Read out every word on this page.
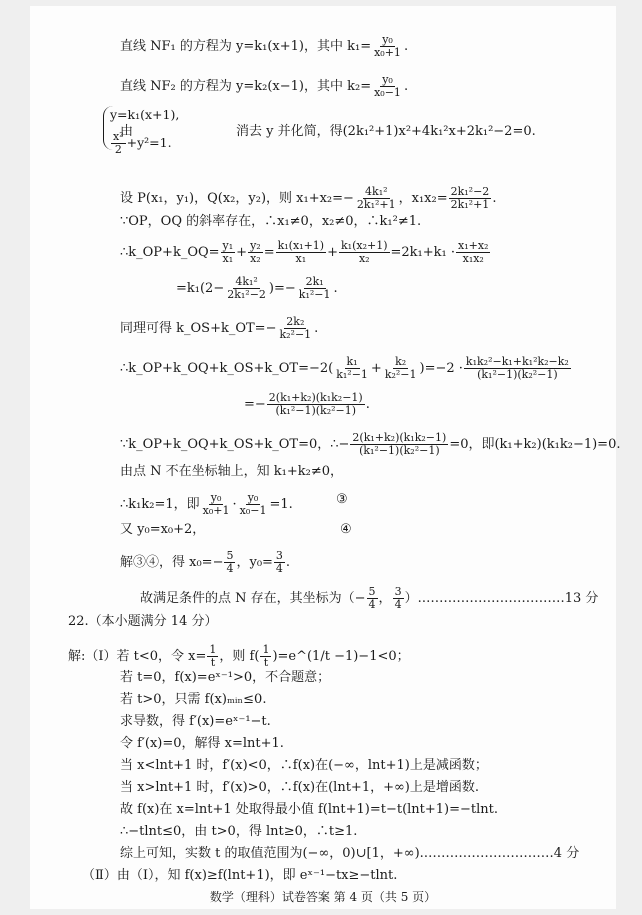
直线 NF₁ 的方程为 y=k₁(x+1)，其中 $k_1= \frac{\text{y₀}}{\text{x₀+1}}$ .
直线 NF₂ 的方程为 y=k₂(x−1)，其中 $k_2= \frac{\text{y₀}}{\text{x₀−1}}$ .
由
y=k₁(x+1),
$\frac{\text{x²}}{2} +y^2=1$.
消去 y 并化简，得(2k₁²+1)x²+4k₁²x+2k₁²−2=0.
设 P(x₁，y₁)，Q(x₂，y₂)，则 $x_1+x_2=- \frac{\text{4k₁²}}{\text{2k₁²+1}}$ ，$x_1x_2= \frac{\text{2k₁²−2}}{\text{2k₁²+1}}$ .
∵OP，OQ 的斜率存在，∴x₁≠0，x₂≠0，∴k₁²≠1.
∴k_OP+k_OQ= $\frac{\text{y₁}}{\text{x₁}} + \frac{\text{y₂}}{\text{x₂}} = \frac{\text{k₁(x₁+1)}}{\text{x₁}} + \frac{\text{k₁(x₂+1)}}{\text{x₂}} =2k_1+k_1 \cdot \frac{\text{x₁+x₂}}{\text{x₁x₂}}$
$=k_1(2- \frac{\text{4k₁²}}{\text{2k₁²−2}}$ )=− $\frac{\text{2k₁}}{\text{k₁²−1}}$ .
同理可得 k_OS+k_OT=− $\frac{\text{2k₂}}{\text{k₂²−1}}$ .
∴k_OP+k_OQ+k_OS+k_OT=−2( $\frac{\text{k₁}}{\text{k₁²−1}} + \frac{\text{k₂}}{\text{k₂²−1}} )=-2 \cdot \frac{\text{k₁k₂²−k₁+k₁²k₂−k₂}}{\text{(k₁²−1)(k₂²−1)}}$
=− $\frac{\text{2(k₁+k₂)(k₁k₂−1)}}{\text{(k₁²−1)(k₂²−1)}}$ .
∵k_OP+k_OQ+k_OS+k_OT=0，∴− $\frac{\text{2(k₁+k₂)(k₁k₂−1)}}{\text{(k₁²−1)(k₂²−1)}} =0$，即(k₁+k₂)(k₁k₂−1)=0.
由点 N 不在坐标轴上，知 k₁+k₂≠0，
∴k₁k₂=1，即 $\frac{\text{y₀}}{\text{x₀+1}} \cdot \frac{\text{y₀}}{\text{x₀−1}} =1$.	③
又 y₀=x₀+2，	④
解③④，得 $x_0=- \frac{5}{4}$ ，$y_0= \frac{3}{4}$ .
故满足条件的点 N 存在，其坐标为（− $\frac{5}{4}$ ， $\frac{3}{4}$ ）.……………………………13 分
22.（本小题满分 14 分）
解:（Ⅰ）若 t<0，令 $x= \frac{1}{t}$ ，则 $f( \frac{1}{t}$ )=e^(1/t −1)−1<0；
若 t=0，f(x)=eˣ⁻¹>0，不合题意；
若 t>0，只需 f(x)ₘᵢₙ≤0.
求导数，得 f′(x)=eˣ⁻¹−t.
令 f′(x)=0，解得 x=lnt+1.
当 x<lnt+1 时，f′(x)<0，∴f(x)在(−∞，lnt+1)上是减函数；
当 x>lnt+1 时，f′(x)>0，∴f(x)在(lnt+1，+∞)上是增函数.
故 f(x)在 x=lnt+1 处取得最小值 f(lnt+1)=t−t(lnt+1)=−tlnt.
∴−tlnt≤0，由 t>0，得 lnt≥0，∴t≥1.
综上可知，实数 t 的取值范围为(−∞，0)∪[1，+∞).…………………………4 分
（Ⅱ）由（Ⅰ），知 f(x)≥f(lnt+1)，即 eˣ⁻¹−tx≥−tlnt.
数学（理科）试卷答案 第 4 页（共 5 页）
